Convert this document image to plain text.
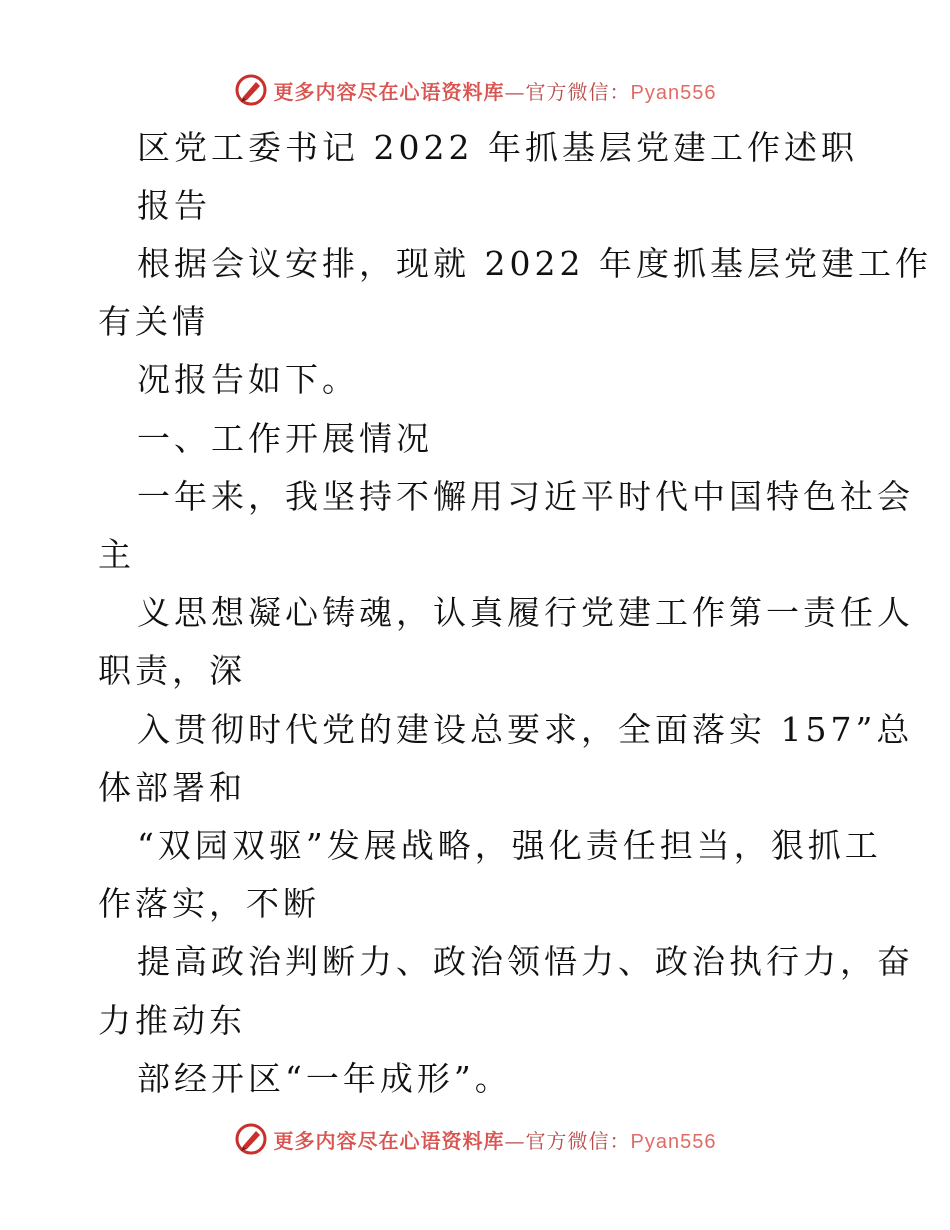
更多内容尽在心语资料库—官方微信：Pyan556
区党工委书记 2022 年抓基层党建工作述职
报告
根据会议安排，现就 2022 年度抓基层党建工作
有关情
况报告如下。
一、工作开展情况
一年来，我坚持不懈用习近平时代中国特色社会
主
义思想凝心铸魂，认真履行党建工作第一责任人
职责，深
入贯彻时代党的建设总要求，全面落实 157”总
体部署和
“双园双驱”发展战略，强化责任担当，狠抓工
作落实，不断
提高政治判断力、政治领悟力、政治执行力，奋
力推动东
部经开区“一年成形”。
更多内容尽在心语资料库—官方微信：Pyan556
